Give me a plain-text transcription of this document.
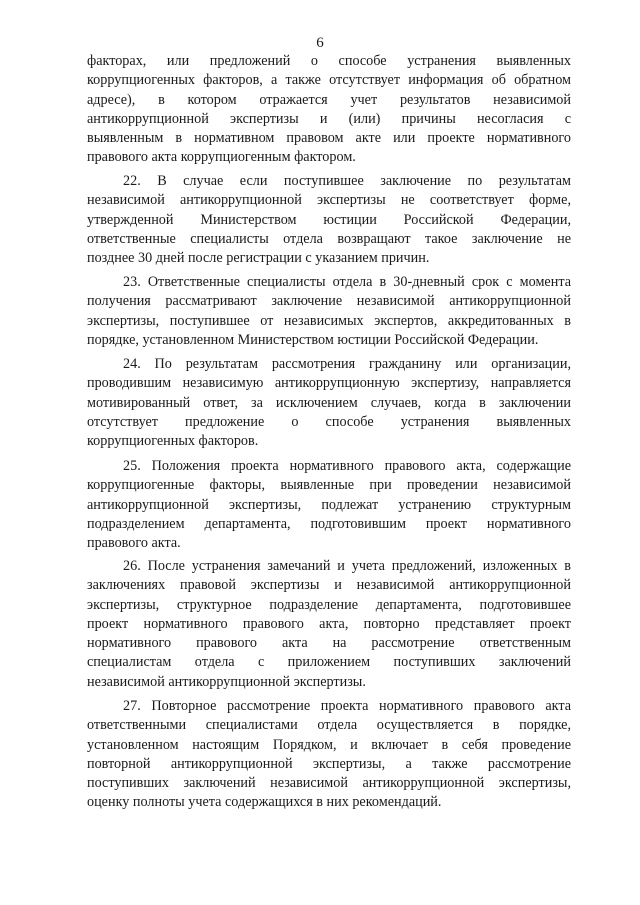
6
факторах, или предложений о способе устранения выявленных
коррупциогенных факторов, а также отсутствует информация об обратном
адресе), в котором отражается учет результатов независимой
антикоррупционной экспертизы и (или) причины несогласия с
выявленным в нормативном правовом акте или проекте нормативного
правового акта коррупциогенным фактором.
22. В случае если поступившее заключение по результатам
независимой антикоррупционной экспертизы не соответствует форме,
утвержденной Министерством юстиции Российской Федерации,
ответственные специалисты отдела возвращают такое заключение не
позднее 30 дней после регистрации с указанием причин.
23. Ответственные специалисты отдела в 30-дневный срок с момента
получения рассматривают заключение независимой антикоррупционной
экспертизы, поступившее от независимых экспертов, аккредитованных в
порядке, установленном Министерством юстиции Российской Федерации.
24. По результатам рассмотрения гражданину или организации,
проводившим независимую антикоррупционную экспертизу, направляется
мотивированный ответ, за исключением случаев, когда в заключении
отсутствует предложение о способе устранения выявленных
коррупциогенных факторов.
25. Положения проекта нормативного правового акта, содержащие
коррупциогенные факторы, выявленные при проведении независимой
антикоррупционной экспертизы, подлежат устранению структурным
подразделением департамента, подготовившим проект нормативного
правового акта.
26. После устранения замечаний и учета предложений, изложенных в
заключениях правовой экспертизы и независимой антикоррупционной
экспертизы, структурное подразделение департамента, подготовившее
проект нормативного правового акта, повторно представляет проект
нормативного правового акта на рассмотрение ответственным
специалистам отдела с приложением поступивших заключений
независимой антикоррупционной экспертизы.
27. Повторное рассмотрение проекта нормативного правового акта
ответственными специалистами отдела осуществляется в порядке,
установленном настоящим Порядком, и включает в себя проведение
повторной антикоррупционной экспертизы, а также рассмотрение
поступивших заключений независимой антикоррупционной экспертизы,
оценку полноты учета содержащихся в них рекомендаций.
